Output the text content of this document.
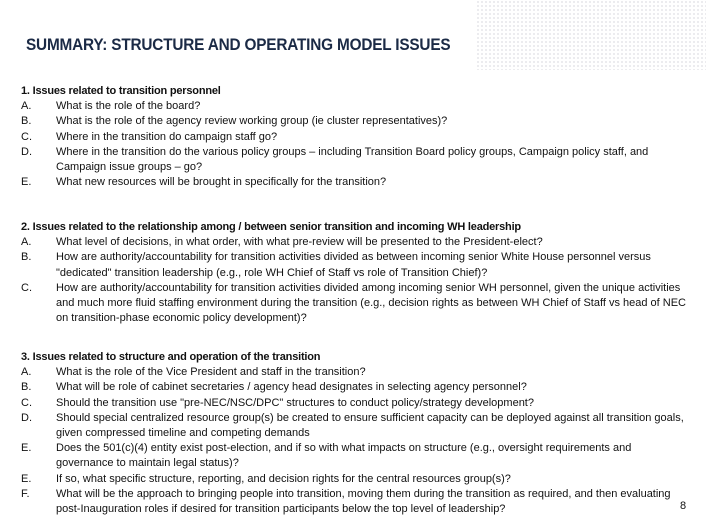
SUMMARY: STRUCTURE AND OPERATING MODEL ISSUES
1. Issues related to transition personnel
A.	What is the role of the board?
B.	What is the role of the agency review working group (ie cluster representatives)?
C.	Where in the transition do campaign staff go?
D.	Where in the transition do the various policy groups – including Transition Board policy groups, Campaign policy staff, and Campaign issue groups – go?
E.	What new resources will be brought in specifically for the transition?
2. Issues related to the relationship among / between senior transition and incoming WH leadership
A.	What level of decisions, in what order, with what pre-review will be presented to the President-elect?
B.	How are authority/accountability for transition activities divided as between incoming senior White House personnel versus "dedicated" transition leadership (e.g., role WH Chief of Staff vs role of Transition Chief)?
C.	How are authority/accountability for transition activities divided among incoming senior WH personnel, given the unique activities and much more fluid staffing environment during the transition (e.g., decision rights as between WH Chief of Staff vs head of NEC on transition-phase economic policy development)?
3. Issues related to structure and operation of the transition
A.	What is the role of the Vice President and staff in the transition?
B.	What will be role of cabinet secretaries / agency head designates in selecting agency personnel?
C.	Should the transition use "pre-NEC/NSC/DPC" structures to conduct policy/strategy development?
D.	Should special centralized resource group(s) be created to ensure sufficient capacity can be deployed against all transition goals, given compressed timeline and competing demands
E.	Does the 501(c)(4) entity exist post-election, and if so with what impacts on structure (e.g., oversight requirements and governance to maintain legal status)?
E.	If so, what specific structure, reporting, and decision rights for the central resources group(s)?
F.	What will be the approach to bringing people into transition, moving them during the transition as required, and then evaluating post-Inauguration roles if desired for transition participants below the top level of leadership?	8
